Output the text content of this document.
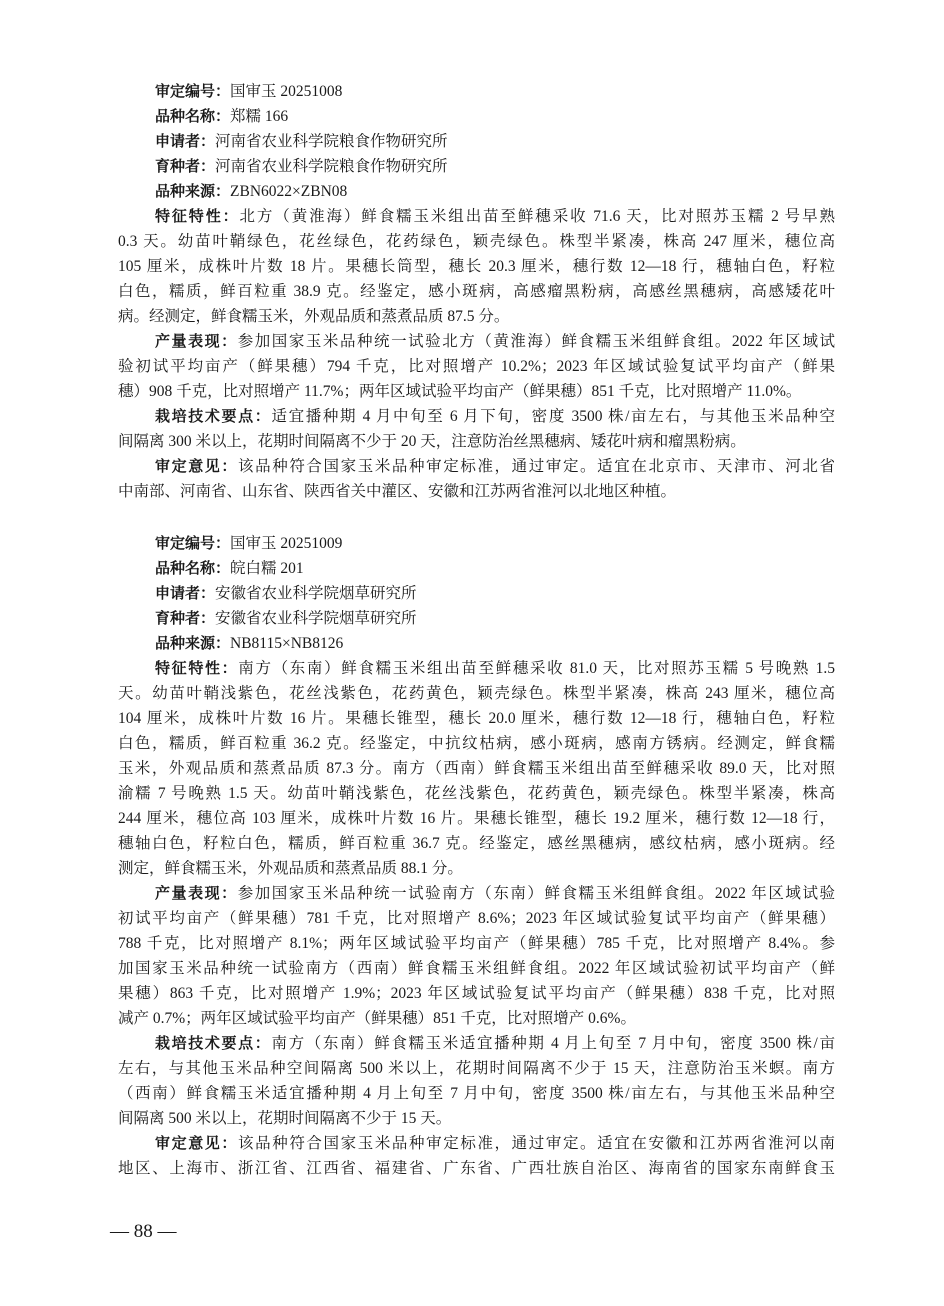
审定编号：国审玉 20251008
品种名称：郑糯 166
申请者：河南省农业科学院粮食作物研究所
育种者：河南省农业科学院粮食作物研究所
品种来源：ZBN6022×ZBN08
特征特性：北方（黄淮海）鲜食糯玉米组出苗至鲜穗采收 71.6 天，比对照苏玉糯 2 号早熟
0.3 天。幼苗叶鞘绿色，花丝绿色，花药绿色，颖壳绿色。株型半紧凑，株高 247 厘米，穗位高
105 厘米，成株叶片数 18 片。果穗长筒型，穗长 20.3 厘米，穗行数 12—18 行，穗轴白色，籽粒
白色，糯质，鲜百粒重 38.9 克。经鉴定，感小斑病，高感瘤黑粉病，高感丝黑穗病，高感矮花叶
病。经测定，鲜食糯玉米，外观品质和蒸煮品质 87.5 分。
产量表现：参加国家玉米品种统一试验北方（黄淮海）鲜食糯玉米组鲜食组。2022 年区域试
验初试平均亩产（鲜果穗）794 千克，比对照增产 10.2%；2023 年区域试验复试平均亩产（鲜果
穗）908 千克，比对照增产 11.7%；两年区域试验平均亩产（鲜果穗）851 千克，比对照增产 11.0%。
栽培技术要点：适宜播种期 4 月中旬至 6 月下旬，密度 3500 株/亩左右，与其他玉米品种空
间隔离 300 米以上，花期时间隔离不少于 20 天，注意防治丝黑穗病、矮花叶病和瘤黑粉病。
审定意见：该品种符合国家玉米品种审定标准，通过审定。适宜在北京市、天津市、河北省
中南部、河南省、山东省、陕西省关中灌区、安徽和江苏两省淮河以北地区种植。
审定编号：国审玉 20251009
品种名称：皖白糯 201
申请者：安徽省农业科学院烟草研究所
育种者：安徽省农业科学院烟草研究所
品种来源：NB8115×NB8126
特征特性：南方（东南）鲜食糯玉米组出苗至鲜穗采收 81.0 天，比对照苏玉糯 5 号晚熟 1.5
天。幼苗叶鞘浅紫色，花丝浅紫色，花药黄色，颖壳绿色。株型半紧凑，株高 243 厘米，穗位高
104 厘米，成株叶片数 16 片。果穗长锥型，穗长 20.0 厘米，穗行数 12—18 行，穗轴白色，籽粒
白色，糯质，鲜百粒重 36.2 克。经鉴定，中抗纹枯病，感小斑病，感南方锈病。经测定，鲜食糯
玉米，外观品质和蒸煮品质 87.3 分。南方（西南）鲜食糯玉米组出苗至鲜穗采收 89.0 天，比对照
渝糯 7 号晚熟 1.5 天。幼苗叶鞘浅紫色，花丝浅紫色，花药黄色，颖壳绿色。株型半紧凑，株高
244 厘米，穗位高 103 厘米，成株叶片数 16 片。果穗长锥型，穗长 19.2 厘米，穗行数 12—18 行，
穗轴白色，籽粒白色，糯质，鲜百粒重 36.7 克。经鉴定，感丝黑穗病，感纹枯病，感小斑病。经
测定，鲜食糯玉米，外观品质和蒸煮品质 88.1 分。
产量表现：参加国家玉米品种统一试验南方（东南）鲜食糯玉米组鲜食组。2022 年区域试验
初试平均亩产（鲜果穗）781 千克，比对照增产 8.6%；2023 年区域试验复试平均亩产（鲜果穗）
788 千克，比对照增产 8.1%；两年区域试验平均亩产（鲜果穗）785 千克，比对照增产 8.4%。参
加国家玉米品种统一试验南方（西南）鲜食糯玉米组鲜食组。2022 年区域试验初试平均亩产（鲜
果穗）863 千克，比对照增产 1.9%；2023 年区域试验复试平均亩产（鲜果穗）838 千克，比对照
减产 0.7%；两年区域试验平均亩产（鲜果穗）851 千克，比对照增产 0.6%。
栽培技术要点：南方（东南）鲜食糯玉米适宜播种期 4 月上旬至 7 月中旬，密度 3500 株/亩
左右，与其他玉米品种空间隔离 500 米以上，花期时间隔离不少于 15 天，注意防治玉米螟。南方
（西南）鲜食糯玉米适宜播种期 4 月上旬至 7 月中旬，密度 3500 株/亩左右，与其他玉米品种空
间隔离 500 米以上，花期时间隔离不少于 15 天。
审定意见：该品种符合国家玉米品种审定标准，通过审定。适宜在安徽和江苏两省淮河以南
地区、上海市、浙江省、江西省、福建省、广东省、广西壮族自治区、海南省的国家东南鲜食玉
— 88 —
